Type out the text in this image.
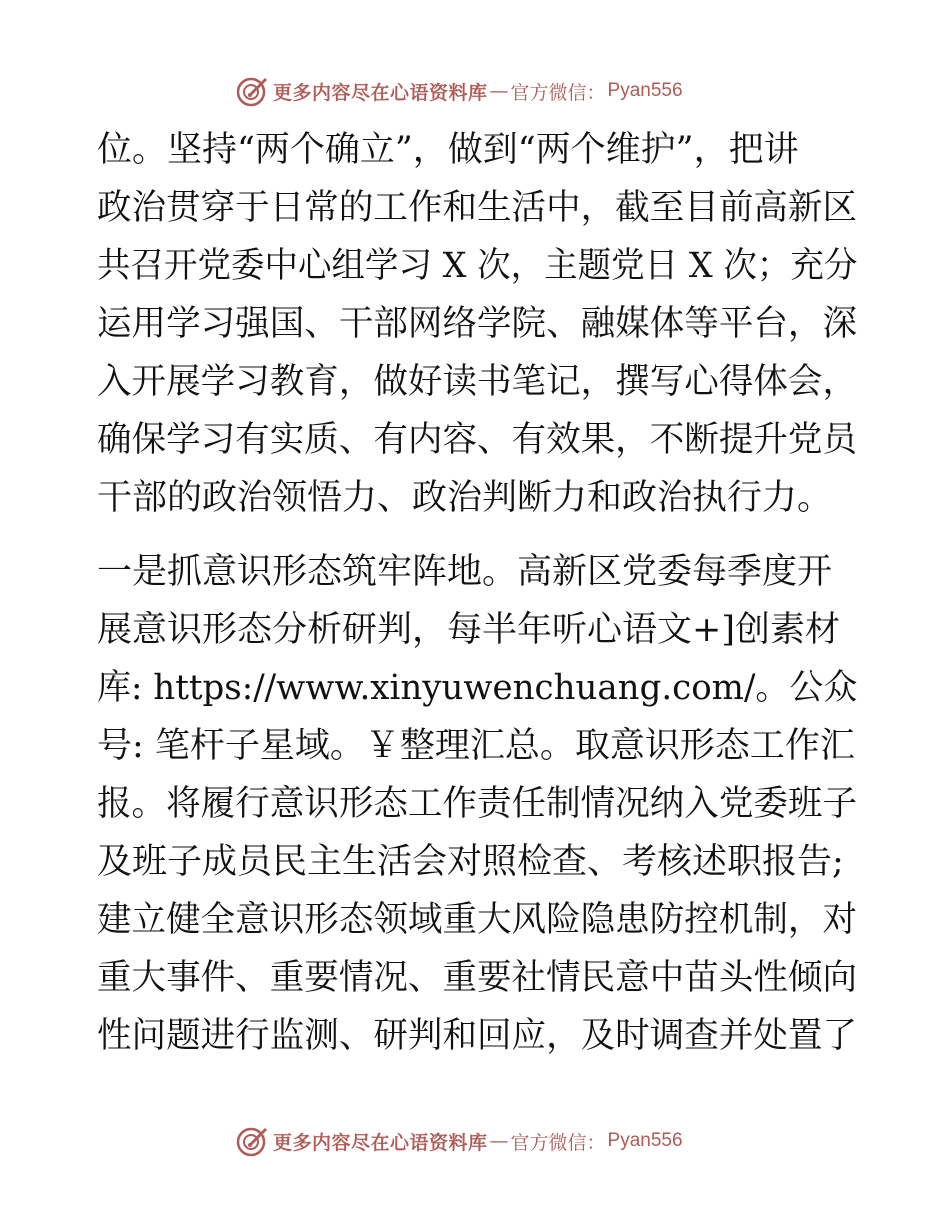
更多内容尽在心语资料库 — 官方微信： Pyan556
位。坚持“两个确立”，做到“两个维护”，把讲
政治贯穿于日常的工作和生活中，截至目前高新区
共召开党委中心组学习 X 次，主题党日 X 次；充分
运用学习强国、干部网络学院、融媒体等平台，深
入开展学习教育，做好读书笔记，撰写心得体会，
确保学习有实质、有内容、有效果，不断提升党员
干部的政治领悟力、政治判断力和政治执行力。
一是抓意识形态筑牢阵地。高新区党委每季度开
展意识形态分析研判，每半年听心语文+]创素材
库: https://www.xinyuwenchuang.com/。公众
号: 笔杆子星域。￥整理汇总。取意识形态工作汇
报。将履行意识形态工作责任制情况纳入党委班子
及班子成员民主生活会对照检查、考核述职报告;
建立健全意识形态领域重大风险隐患防控机制，对
重大事件、重要情况、重要社情民意中苗头性倾向
性问题进行监测、研判和回应，及时调查并处置了
更多内容尽在心语资料库 — 官方微信： Pyan556
